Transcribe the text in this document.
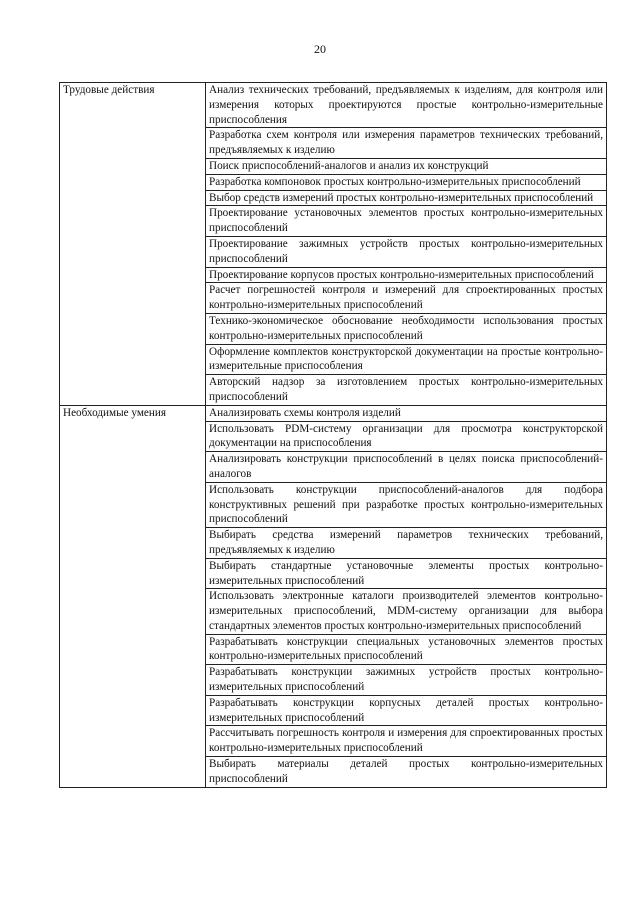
20
Трудовые действия	Анализ технических требований, предъявляемых к изделиям, для контроля или измерения которых проектируются простые контрольно-измерительные приспособления
	Разработка схем контроля или измерения параметров технических требований, предъявляемых к изделию
	Поиск приспособлений-аналогов и анализ их конструкций
	Разработка компоновок простых контрольно-измерительных приспособлений
	Выбор средств измерений простых контрольно-измерительных приспособлений
	Проектирование установочных элементов простых контрольно-измерительных приспособлений
	Проектирование зажимных устройств простых контрольно-измерительных приспособлений
	Проектирование корпусов простых контрольно-измерительных приспособлений
	Расчет погрешностей контроля и измерений для спроектированных простых контрольно-измерительных приспособлений
	Технико-экономическое обоснование необходимости использования простых контрольно-измерительных приспособлений
	Оформление комплектов конструкторской документации на простые контрольно-измерительные приспособления
	Авторский надзор за изготовлением простых контрольно-измерительных приспособлений
Необходимые умения	Анализировать схемы контроля изделий
	Использовать PDM-систему организации для просмотра конструкторской документации на приспособления
	Анализировать конструкции приспособлений в целях поиска приспособлений-аналогов
	Использовать конструкции приспособлений-аналогов для подбора конструктивных решений при разработке простых контрольно-измерительных приспособлений
	Выбирать средства измерений параметров технических требований, предъявляемых к изделию
	Выбирать стандартные установочные элементы простых контрольно-измерительных приспособлений
	Использовать электронные каталоги производителей элементов контрольно-измерительных приспособлений, MDM-систему организации для выбора стандартных элементов простых контрольно-измерительных приспособлений
	Разрабатывать конструкции специальных установочных элементов простых контрольно-измерительных приспособлений
	Разрабатывать конструкции зажимных устройств простых контрольно-измерительных приспособлений
	Разрабатывать конструкции корпусных деталей простых контрольно-измерительных приспособлений
	Рассчитывать погрешность контроля и измерения для спроектированных простых контрольно-измерительных приспособлений
	Выбирать материалы деталей простых контрольно-измерительных приспособлений
